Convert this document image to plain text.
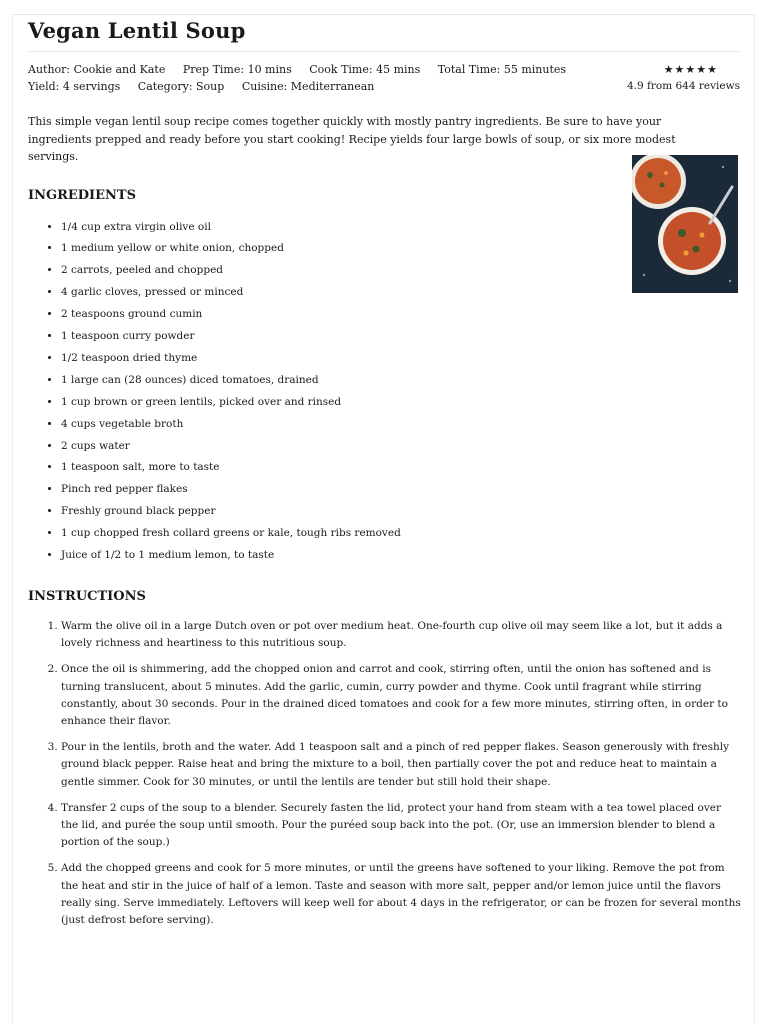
Vegan Lentil Soup
Author: Cookie and Kate Prep Time: 10 mins Cook Time: 45 mins Total Time: 55 minutes
Yield: 4 servings Category: Soup Cuisine: Mediterranean
★★★★★
4.9 from 644 reviews

This simple vegan lentil soup recipe comes together quickly with mostly pantry ingredients. Be sure to have your ingredients prepped and ready before you start cooking! Recipe yields four large bowls of soup, or six more modest servings.

INGREDIENTS
• 1/4 cup extra virgin olive oil
• 1 medium yellow or white onion, chopped
• 2 carrots, peeled and chopped
• 4 garlic cloves, pressed or minced
• 2 teaspoons ground cumin
• 1 teaspoon curry powder
• 1/2 teaspoon dried thyme
• 1 large can (28 ounces) diced tomatoes, drained
• 1 cup brown or green lentils, picked over and rinsed
• 4 cups vegetable broth
• 2 cups water
• 1 teaspoon salt, more to taste
• Pinch red pepper flakes
• Freshly ground black pepper
• 1 cup chopped fresh collard greens or kale, tough ribs removed
• Juice of 1/2 to 1 medium lemon, to taste
INSTRUCTIONS
1. Warm the olive oil in a large Dutch oven or pot over medium heat. One-fourth cup olive oil may seem like a lot, but it adds a lovely richness and heartiness to this nutritious soup.
2. Once the oil is shimmering, add the chopped onion and carrot and cook, stirring often, until the onion has softened and is turning translucent, about 5 minutes. Add the garlic, cumin, curry powder and thyme. Cook until fragrant while stirring constantly, about 30 seconds. Pour in the drained diced tomatoes and cook for a few more minutes, stirring often, in order to enhance their flavor.
3. Pour in the lentils, broth and the water. Add 1 teaspoon salt and a pinch of red pepper flakes. Season generously with freshly ground black pepper. Raise heat and bring the mixture to a boil, then partially cover the pot and reduce heat to maintain a gentle simmer. Cook for 30 minutes, or until the lentils are tender but still hold their shape.
4. Transfer 2 cups of the soup to a blender. Securely fasten the lid, protect your hand from steam with a tea towel placed over the lid, and purée the soup until smooth. Pour the puréed soup back into the pot. (Or, use an immersion blender to blend a portion of the soup.)
5. Add the chopped greens and cook for 5 more minutes, or until the greens have softened to your liking. Remove the pot from the heat and stir in the juice of half of a lemon. Taste and season with more salt, pepper and/or lemon juice until the flavors really sing. Serve immediately. Leftovers will keep well for about 4 days in the refrigerator, or can be frozen for several months (just defrost before serving).
